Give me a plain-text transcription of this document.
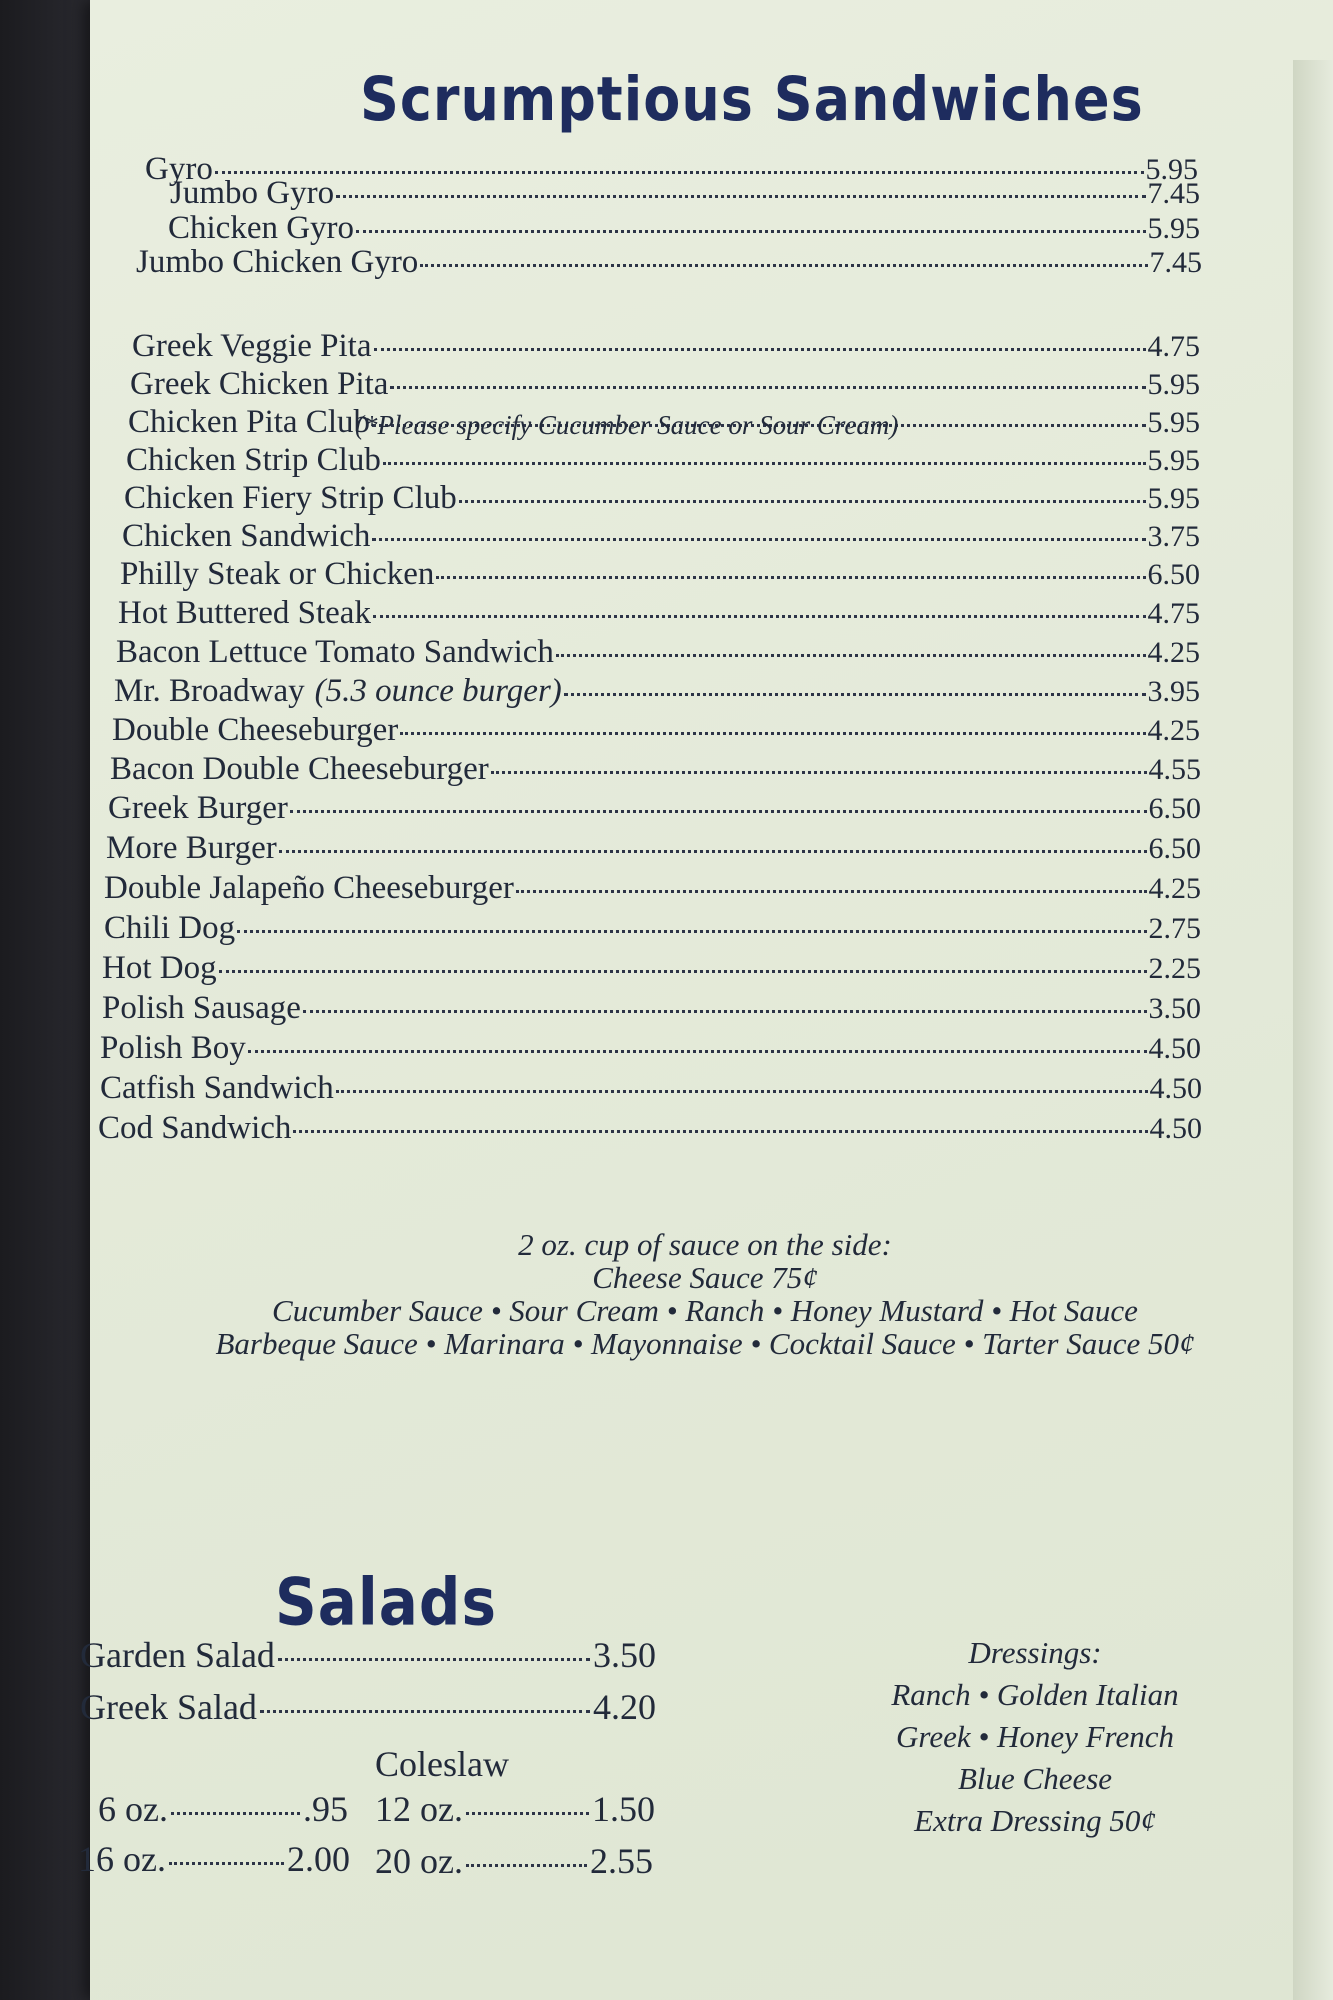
Scrumptious Sandwiches
Gyro	5.95
Jumbo Gyro	7.45
Chicken Gyro	5.95
Jumbo Chicken Gyro	7.45
Greek Veggie Pita	4.75
Greek Chicken Pita	5.95
Chicken Pita Club	5.95
Chicken Strip Club	5.95
Chicken Fiery Strip Club	5.95
Chicken Sandwich	3.75
Philly Steak or Chicken	6.50
Hot Buttered Steak	4.75
Bacon Lettuce Tomato Sandwich	4.25
Mr. Broadway (5.3 ounce burger)	3.95
Double Cheeseburger	4.25
Bacon Double Cheeseburger	4.55
Greek Burger	6.50
More Burger	6.50
Double Jalapeño Cheeseburger	4.25
Chili Dog	2.75
Hot Dog	2.25
Polish Sausage	3.50
Polish Boy	4.50
Catfish Sandwich	4.50
Cod Sandwich	4.50
(*Please specify Cucumber Sauce or Sour Cream)
2 oz. cup of sauce on the side:
Cheese Sauce 75¢
Cucumber Sauce • Sour Cream • Ranch • Honey Mustard • Hot Sauce
Barbeque Sauce • Marinara • Mayonnaise • Cocktail Sauce • Tarter Sauce 50¢
Salads
Garden Salad	3.50
Greek Salad	4.20
Coleslaw
6 oz.	.95 12 oz.	1.50
16 oz.	2.00 20 oz.	2.55
Dressings:
Ranch • Golden Italian
Greek • Honey French
Blue Cheese
Extra Dressing 50¢
